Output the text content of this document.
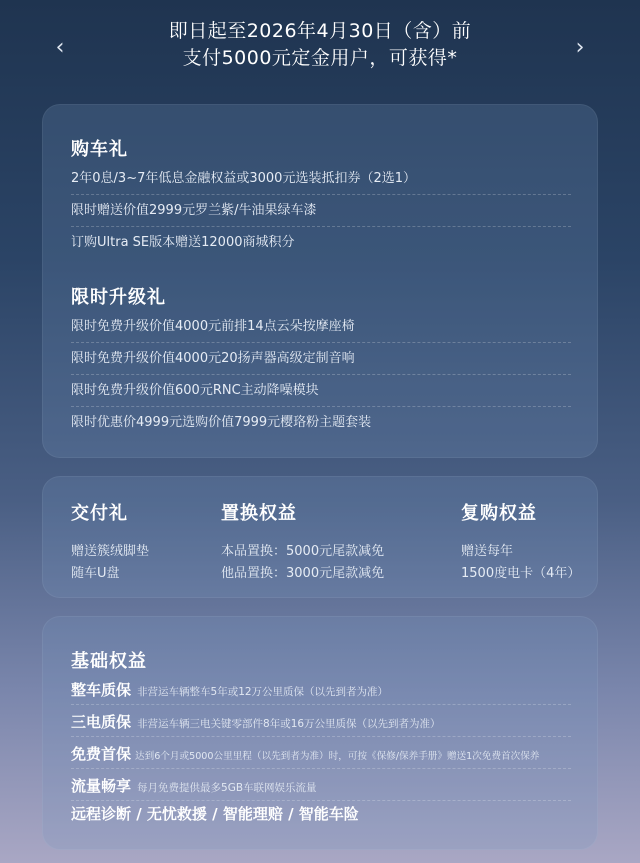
即日起至2026年4月30日（含）前
支付5000元定金用户，可获得*
‹	›
购车礼
2年0息/3~7年低息金融权益或3000元选装抵扣券（2选1）
限时赠送价值2999元罗兰紫/牛油果绿车漆
订购Ultra SE版本赠送12000商城积分
限时升级礼
限时免费升级价值4000元前排14点云朵按摩座椅
限时免费升级价值4000元20扬声器高级定制音响
限时免费升级价值600元RNC主动降噪模块
限时优惠价4999元选购价值7999元樱珞粉主题套装
交付礼
赠送簇绒脚垫
随车U盘
置换权益
本品置换：5000元尾款减免
他品置换：3000元尾款减免
复购权益
赠送每年
1500度电卡（4年）
基础权益
整车质保 非营运车辆整车5年或12万公里质保（以先到者为准）
三电质保 非营运车辆三电关键零部件8年或16万公里质保（以先到者为准）
免费首保 达到6个月或5000公里里程（以先到者为准）时，可按《保修/保养手册》赠送1次免费首次保养
流量畅享 每月免费提供最多5GB车联网娱乐流量
远程诊断 / 无忧救援 / 智能理赔 / 智能车险
